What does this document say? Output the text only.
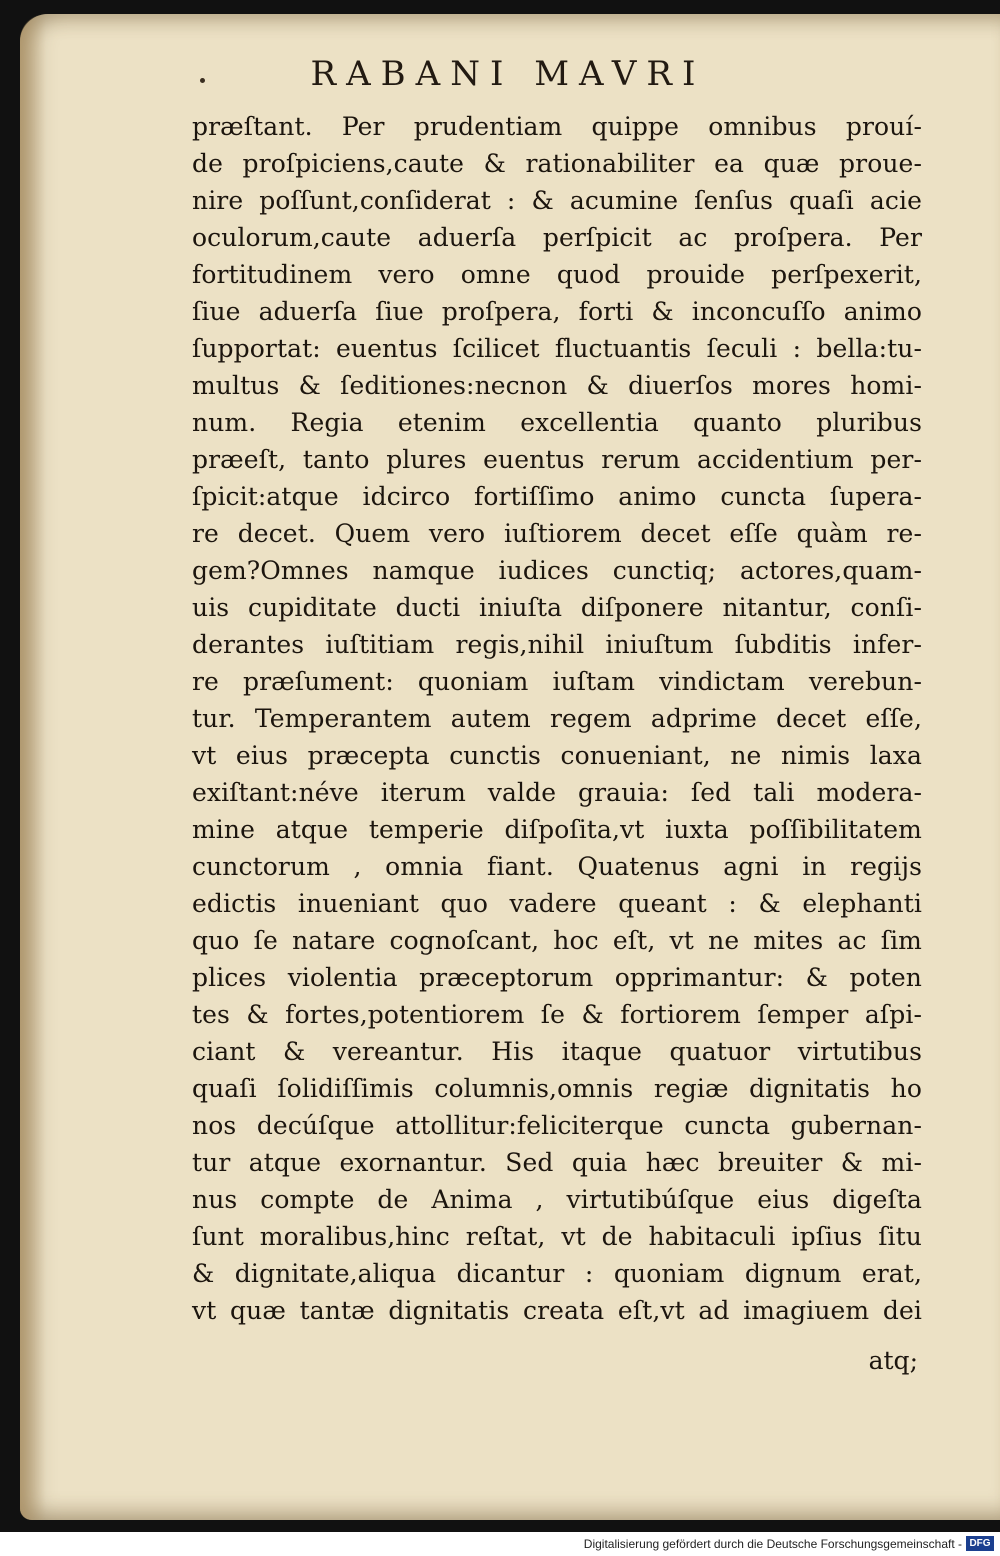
RABANI MAVRI
præſtant. Per prudentiam quippe omnibus prouí-
de proſpiciens,caute & rationabiliter ea quæ proue-
nire poſſunt,conſiderat : & acumine ſenſus quaſi acie
oculorum,caute aduerſa perſpicit ac proſpera. Per
fortitudinem vero omne quod prouide perſpexerit,
ſiue aduerſa ſiue proſpera, forti & inconcuſſo animo
ſupportat: euentus ſcilicet fluctuantis ſeculi : bella:tu-
multus & ſeditiones:necnon & diuerſos mores homi-
num. Regia etenim excellentia quanto pluribus
præeſt, tanto plures euentus rerum accidentium per-
ſpicit:atque idcirco fortiſſimo animo cuncta ſupera-
re decet. Quem vero iuſtiorem decet eſſe quàm re-
gem?Omnes namque iudices cunctiq; actores,quam-
uis cupiditate ducti iniuſta diſponere nitantur, conſi-
derantes iuſtitiam regis,nihil iniuſtum ſubditis infer-
re præſument: quoniam iuſtam vindictam verebun-
tur. Temperantem autem regem adprime decet eſſe,
vt eius præcepta cunctis conueniant, ne nimis laxa
exiſtant:néve iterum valde grauia: ſed tali modera-
mine atque temperie diſpoſita,vt iuxta poſſibilitatem
cunctorum , omnia fiant. Quatenus agni in regijs
edictis inueniant quo vadere queant : & elephanti
quo ſe natare cognoſcant, hoc eſt, vt ne mites ac ſim
plices violentia præceptorum opprimantur: & poten
tes & fortes,potentiorem ſe & fortiorem ſemper aſpi-
ciant & vereantur. His itaque quatuor virtutibus
quaſi ſolidiſſimis columnis,omnis regiæ dignitatis ho
nos decúſque attollitur:feliciterque cuncta gubernan-
tur atque exornantur. Sed quia hæc breuiter & mi-
nus compte de Anima , virtutibúſque eius digeſta
ſunt moralibus,hinc reſtat, vt de habitaculi ipſius ſitu
& dignitate,aliqua dicantur : quoniam dignum erat,
vt quæ tantæ dignitatis creata eſt,vt ad imagiuem dei
atq;
Digitalisierung gefördert durch die Deutsche Forschungsgemeinschaft - DFG
